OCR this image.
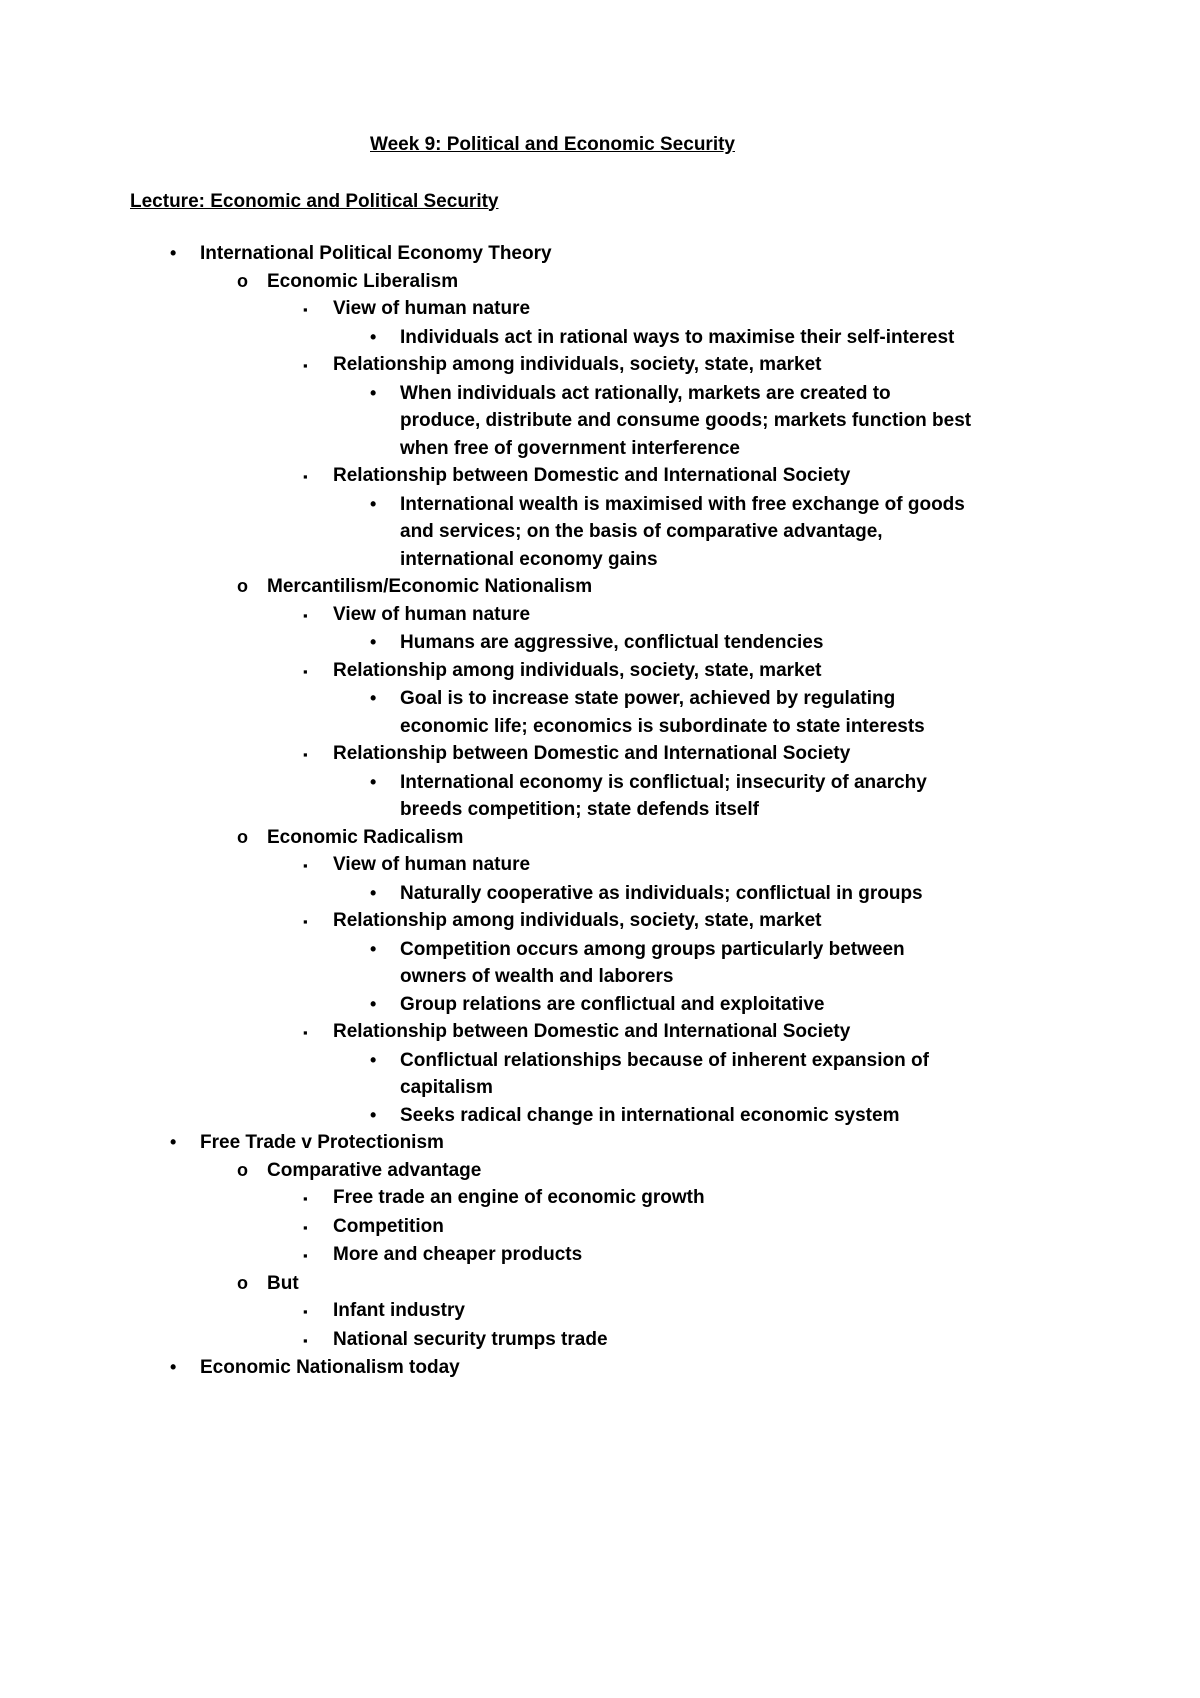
Week 9: Political and Economic Security
Lecture: Economic and Political Security
•	International Political Economy Theory
o	Economic Liberalism
▪	View of human nature
•	Individuals act in rational ways to maximise their self-interest
▪	Relationship among individuals, society, state, market
•	When individuals act rationally, markets are created to produce, distribute and consume goods; markets function best when free of government interference
▪	Relationship between Domestic and International Society
•	International wealth is maximised with free exchange of goods and services; on the basis of comparative advantage, international economy gains
o	Mercantilism/Economic Nationalism
▪	View of human nature
•	Humans are aggressive, conflictual tendencies
▪	Relationship among individuals, society, state, market
•	Goal is to increase state power, achieved by regulating economic life; economics is subordinate to state interests
▪	Relationship between Domestic and International Society
•	International economy is conflictual; insecurity of anarchy breeds competition; state defends itself
o	Economic Radicalism
▪	View of human nature
•	Naturally cooperative as individuals; conflictual in groups
▪	Relationship among individuals, society, state, market
•	Competition occurs among groups particularly between owners of wealth and laborers
•	Group relations are conflictual and exploitative
▪	Relationship between Domestic and International Society
•	Conflictual relationships because of inherent expansion of capitalism
•	Seeks radical change in international economic system
•	Free Trade v Protectionism
o	Comparative advantage
▪	Free trade an engine of economic growth
▪	Competition
▪	More and cheaper products
o	But
▪	Infant industry
▪	National security trumps trade
•	Economic Nationalism today
